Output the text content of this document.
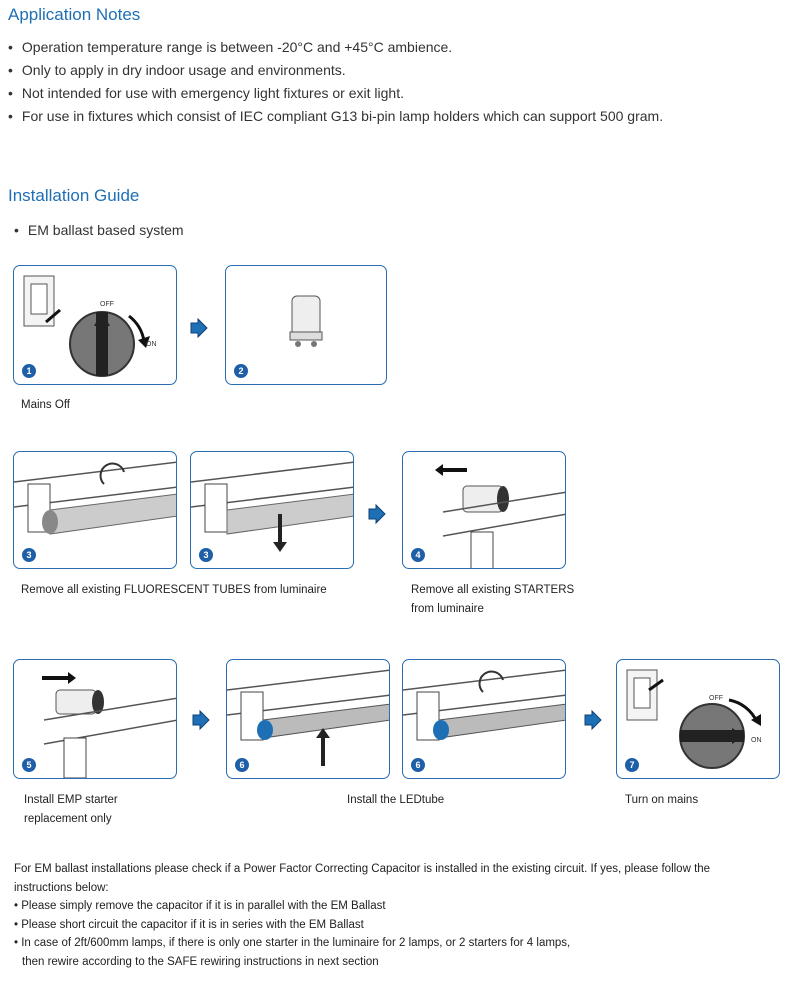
Application Notes
• Operation temperature range is between -20°C and +45°C ambience.
• Only to apply in dry indoor usage and environments.
• Not intended for use with emergency light fixtures or exit light.
• For use in fixtures which consist of IEC compliant G13 bi-pin lamp holders which can support 500 gram.
Installation Guide
• EM ballast based system
OFF
ON
1	2
Mains Off
3	3	4
Remove all existing FLUORESCENT TUBES from luminaire	Remove all existing STARTERS
from luminaire
5	6	6
OFF
ON
7
Install EMP starter
replacement only
Install the LEDtube	Turn on mains
For EM ballast installations please check if a Power Factor Correcting Capacitor is installed in the existing circuit. If yes, please follow the
instructions below:
• Please simply remove the capacitor if it is in parallel with the EM Ballast
• Please short circuit the capacitor if it is in series with the EM Ballast
• In case of 2ft/600mm lamps, if there is only one starter in the luminaire for 2 lamps, or 2 starters for 4 lamps,
then rewire according to the SAFE rewiring instructions in next section
